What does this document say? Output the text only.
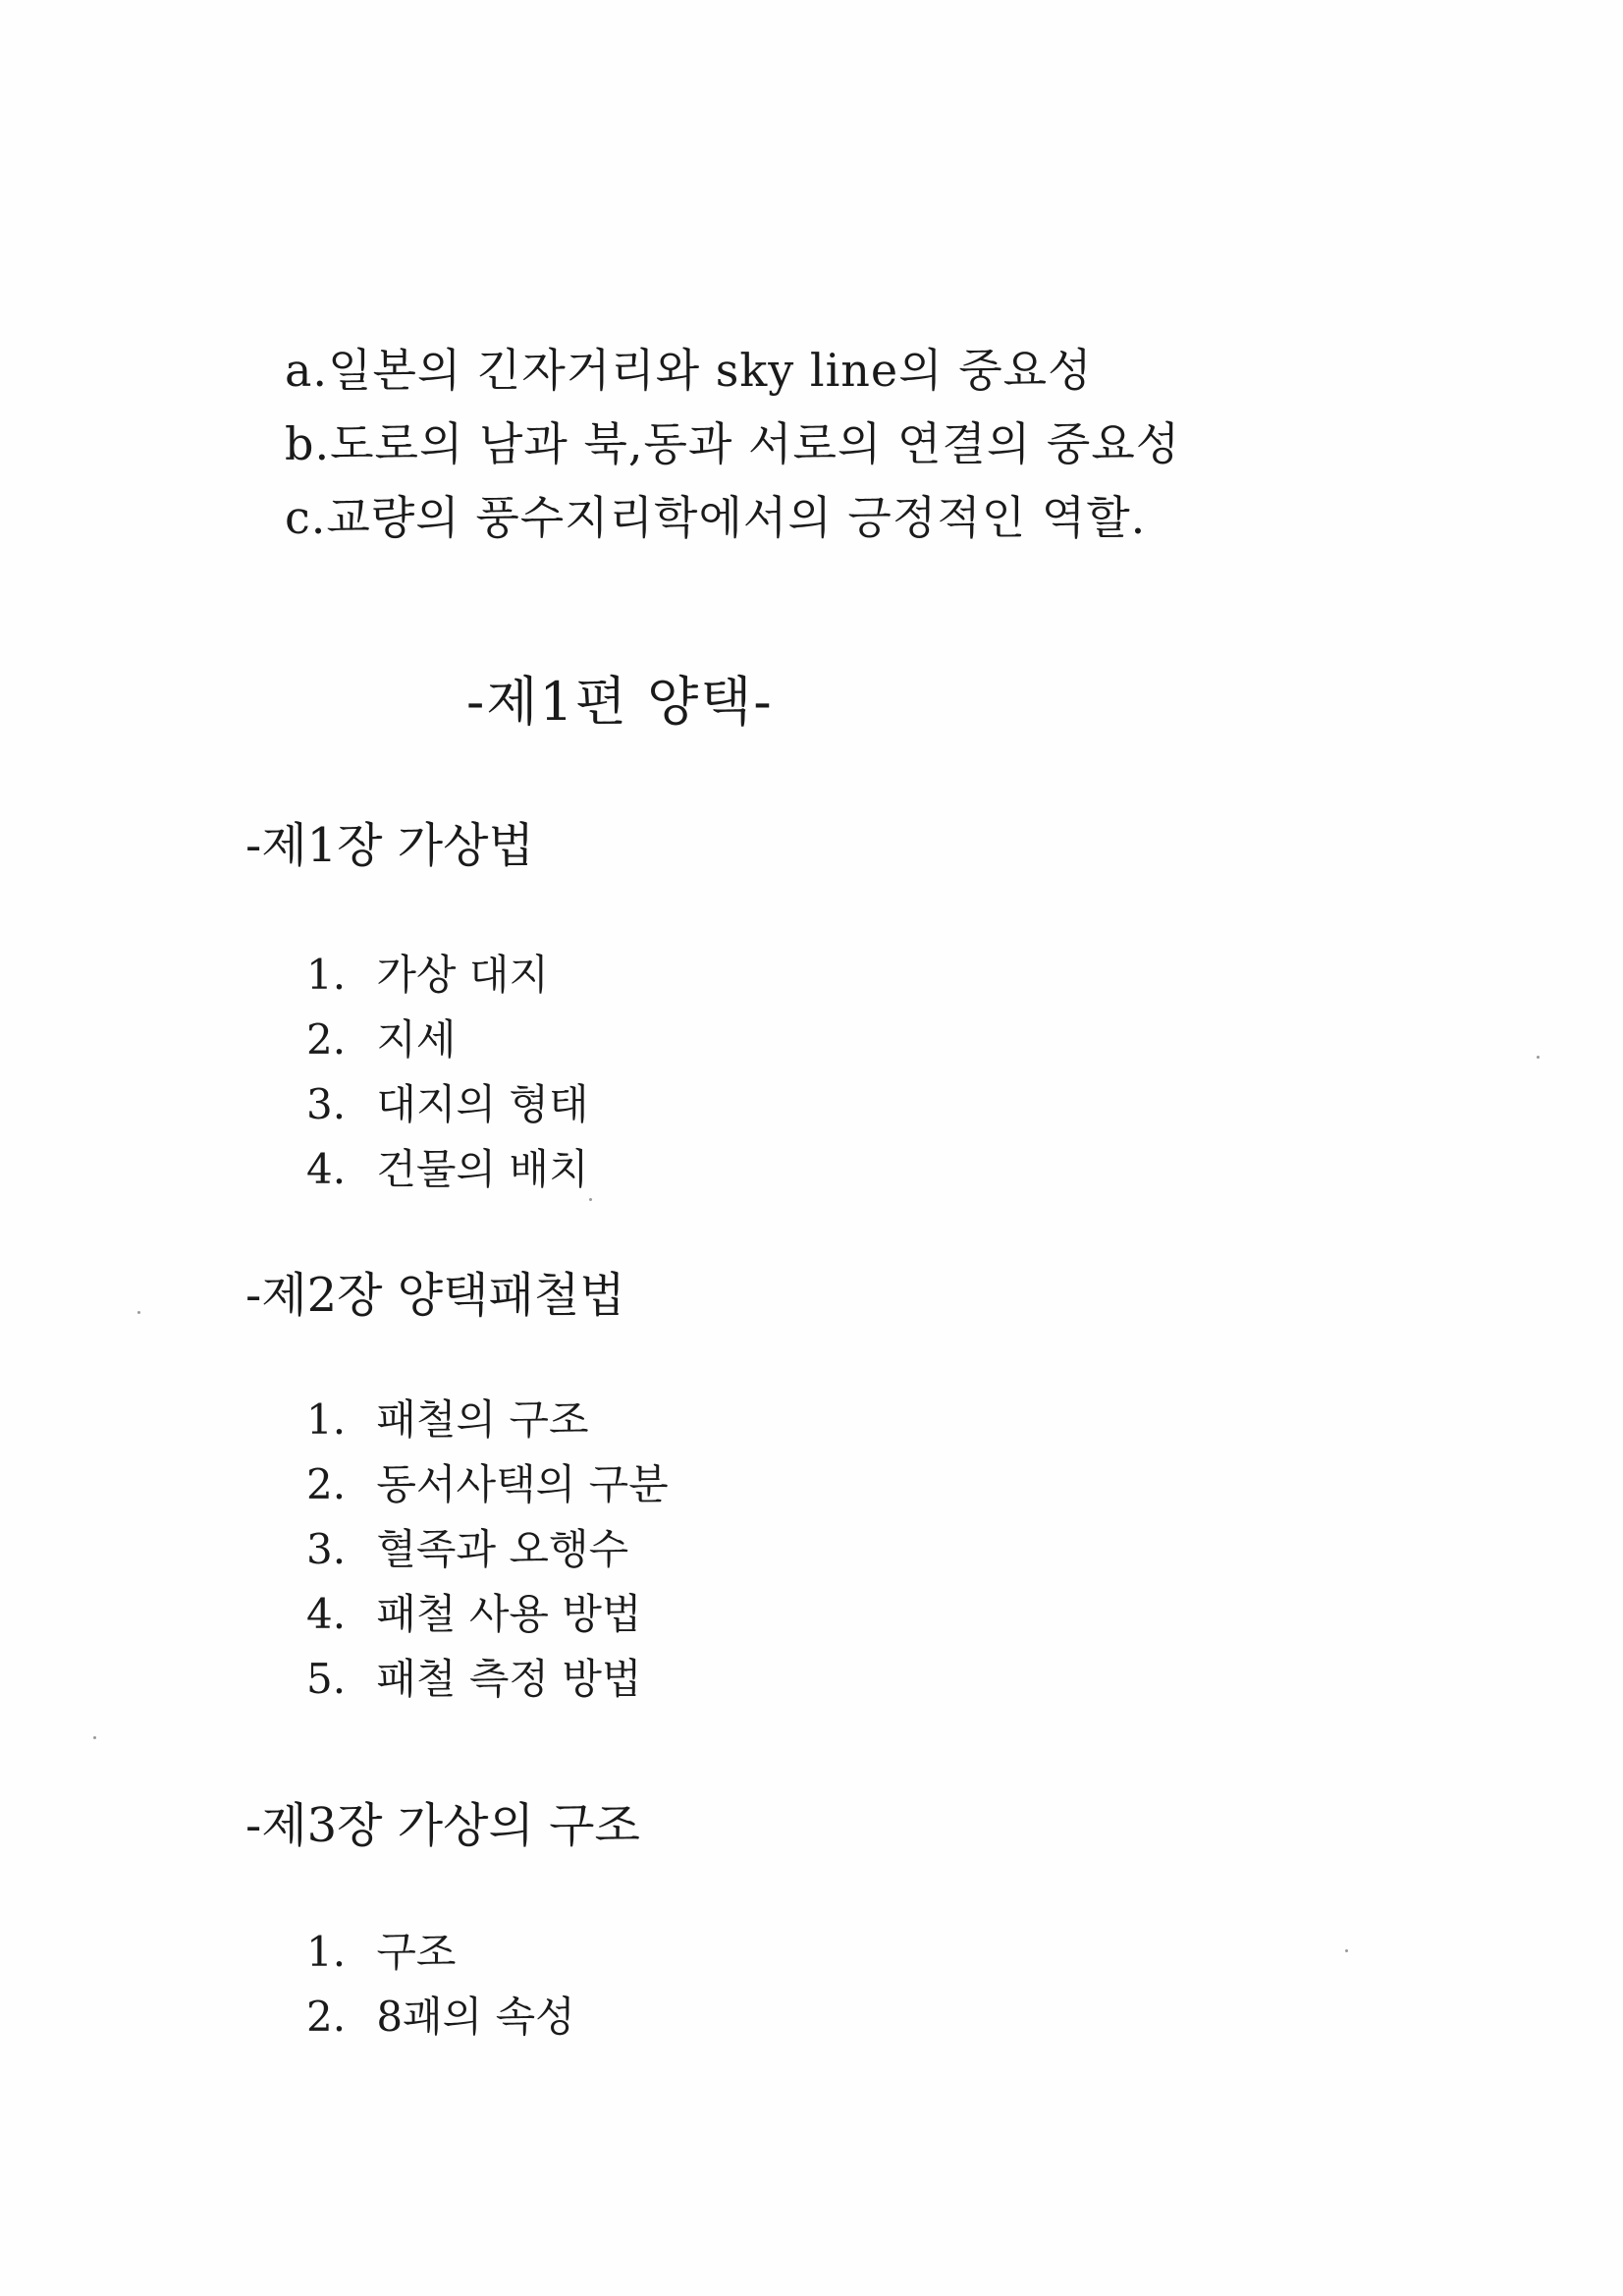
a.일본의 긴자거리와 sky line의 중요성
b.도로의 남과 북,동과 서로의 연결의 중요성
c.교량의 풍수지리학에서의 긍정적인 역할.
-제1편 양택-
-제1장 가상법
1. 가상 대지
2. 지세
3. 대지의 형태
4. 건물의 배치
-제2장 양택패철법
1. 패철의 구조
2. 동서사택의 구분
3. 혈족과 오행수
4. 패철 사용 방법
5. 패철 측정 방법
-제3장 가상의 구조
1. 구조
2. 8괘의 속성
